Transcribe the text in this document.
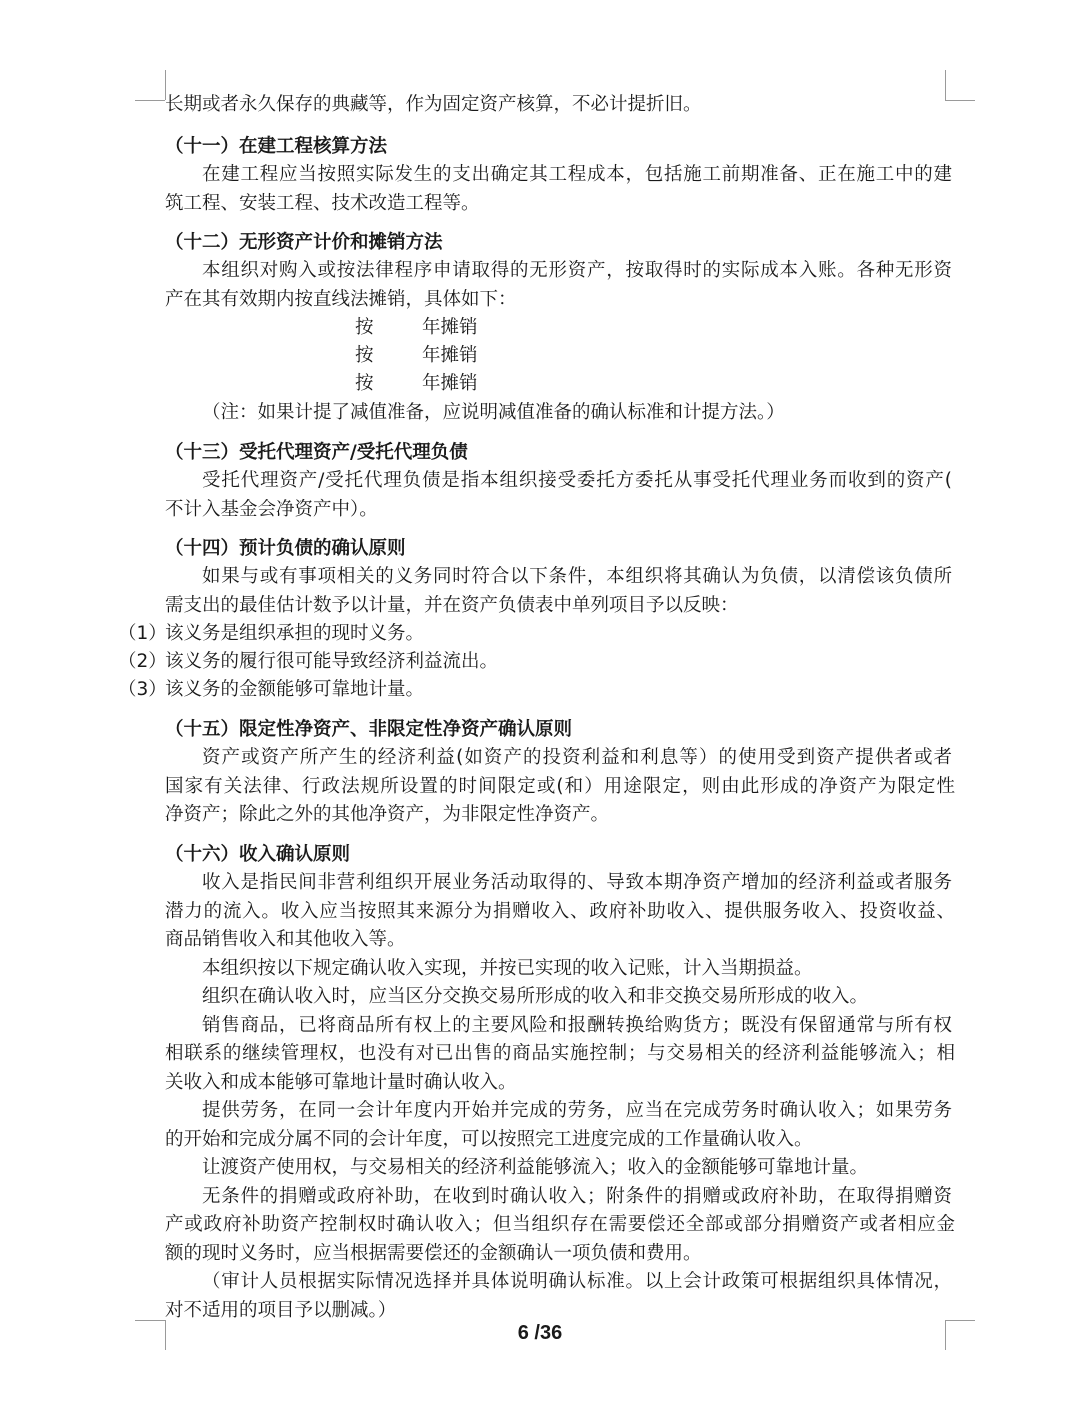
长期或者永久保存的典藏等，作为固定资产核算，不必计提折旧。
（十一）在建工程核算方法
在建工程应当按照实际发生的支出确定其工程成本，包括施工前期准备、正在施工中的建
筑工程、安装工程、技术改造工程等。
（十二）无形资产计价和摊销方法
本组织对购入或按法律程序申请取得的无形资产，按取得时的实际成本入账。各种无形资
产在其有效期内按直线法摊销，具体如下：
按	年摊销
按	年摊销
按	年摊销
（注：如果计提了减值准备，应说明减值准备的确认标准和计提方法。）
（十三）受托代理资产/受托代理负债
受托代理资产/受托代理负债是指本组织接受委托方委托从事受托代理业务而收到的资产(
不计入基金会净资产中）。
（十四）预计负债的确认原则
如果与或有事项相关的义务同时符合以下条件，本组织将其确认为负债，以清偿该负债所
需支出的最佳估计数予以计量，并在资产负债表中单列项目予以反映：
（1）
该义务是组织承担的现时义务。
（2）
该义务的履行很可能导致经济利益流出。
（3）
该义务的金额能够可靠地计量。
（十五）限定性净资产、非限定性净资产确认原则
资产或资产所产生的经济利益(如资产的投资利益和利息等）的使用受到资产提供者或者
国家有关法律、行政法规所设置的时间限定或(和）用途限定，则由此形成的净资产为限定性
净资产；除此之外的其他净资产，为非限定性净资产。
（十六）收入确认原则
收入是指民间非营利组织开展业务活动取得的、导致本期净资产增加的经济利益或者服务
潜力的流入。收入应当按照其来源分为捐赠收入、政府补助收入、提供服务收入、投资收益、
商品销售收入和其他收入等。
本组织按以下规定确认收入实现，并按已实现的收入记账，计入当期损益。
组织在确认收入时，应当区分交换交易所形成的收入和非交换交易所形成的收入。
销售商品，已将商品所有权上的主要风险和报酬转换给购货方；既没有保留通常与所有权
相联系的继续管理权，也没有对已出售的商品实施控制；与交易相关的经济利益能够流入；相
关收入和成本能够可靠地计量时确认收入。
提供劳务，在同一会计年度内开始并完成的劳务，应当在完成劳务时确认收入；如果劳务
的开始和完成分属不同的会计年度，可以按照完工进度完成的工作量确认收入。
让渡资产使用权，与交易相关的经济利益能够流入；收入的金额能够可靠地计量。
无条件的捐赠或政府补助，在收到时确认收入；附条件的捐赠或政府补助，在取得捐赠资
产或政府补助资产控制权时确认收入；但当组织存在需要偿还全部或部分捐赠资产或者相应金
额的现时义务时，应当根据需要偿还的金额确认一项负债和费用。
（审计人员根据实际情况选择并具体说明确认标准。以上会计政策可根据组织具体情况，
对不适用的项目予以删减。）
6 /36
